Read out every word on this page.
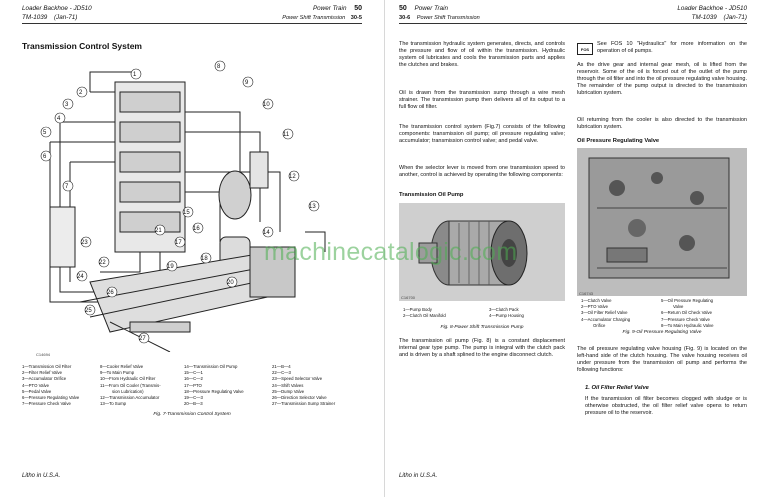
Loader Backhoe - JD510
TM-1039 (Jan-71)
Power Train 50
Power Shift Transmission 30-5
Transmission Control System
1
2
3
4
5
6
7
8
9
10
11
12
13
14
15
16
17
18
19
20
21
22
23
24
25
26
27
C14694
1—Transmission Oil Filter
2—Filter Relief Valve
3—Accumulator Orifice
4—PTO Valve
5—Pedal Valve
6—Pressure Regulating Valve
7—Pressure Check Valve
8—Cooler Relief Valve
9—To Main Pump
10—From Hydraulic Oil Filter
11—From Oil Cooler (Transmis-
sion Lubrication)
12—Transmission Accumulator
13—To Sump
14—Transmission Oil Pump
15—C—1
16—C—2
17—PTO
18—Pressure Regulating Valve
19—C—3
20—B—3
21—B—4
22—C—3
23—Speed Selector Valve
24—Shift Valves
25—Dump Valve
26—Direction Selector Valve
27—Transmission Sump Strainer
Fig. 7-Transmission Control System
Litho in U.S.A.
50 Power Train
30-6 Power Shift Transmission
Loader Backhoe - JD510
TM-1039 (Jan-71)

The transmission hydraulic system generates, directs, and controls the pressure and flow of oil within the transmission. Hydraulic system oil lubricates and cools the transmission parts and applies the clutches and brakes.

Oil is drawn from the transmission sump through a wire mesh strainer. The transmission pump then delivers all of its output to a full flow oil filter.

The transmission control system (Fig.7) consists of the following components: transmission oil pump; oil pressure regulating valve; accumulator; transmission control valve; and pedal valve.

When the selector lever is moved from one transmission speed to another, control is achieved by operating the following components:

Transmission Oil Pump
C16700
1—Pump Body
2—Clutch Oil Manifold
3—Clutch Pack
4—Pump Housing
Fig. 8-Power Shift Transmission Pump

The transmission oil pump (Fig. 8) is a constant displacement internal gear type pump. The pump is integral with the clutch pack and is driven by a shaft splined to the engine disconnect clutch.

FOS

See FOS 10 "Hydraulics" for more information on the operation of oil pumps.

As the drive gear and internal gear mesh, oil is lifted from the reservoir. Some of the oil is forced out of the outlet of the pump through the oil filter and into the oil pressure regulating valve housing. The remainder of the pump output is directed to the transmission lubrication system.

Oil returning from the cooler is also directed to the transmission lubrication system.

Oil Pressure Regulating Valve
C16743
1—Clutch Valve
2—PTO Valve
3—Oil Filter Relief Valve
4—Accumulator Charging
Orifice
5—Oil Pressure Regulating
Valve
6—Return Oil Check Valve
7—Pressure Check Valve
8—To Main Hydraulic Valve
Fig. 9-Oil Pressure Regulating Valve

The oil pressure regulating valve housing (Fig. 9) is located on the left-hand side of the clutch housing. The valve housing receives oil under pressure from the transmission oil pump and performs the following functions:

1. Oil Filter Relief Valve

If the transmission oil filter becomes clogged with sludge or is otherwise obstructed, the oil filter relief valve opens to return pressure oil to the reservoir.

Litho in U.S.A.
machinecatalogic.com
